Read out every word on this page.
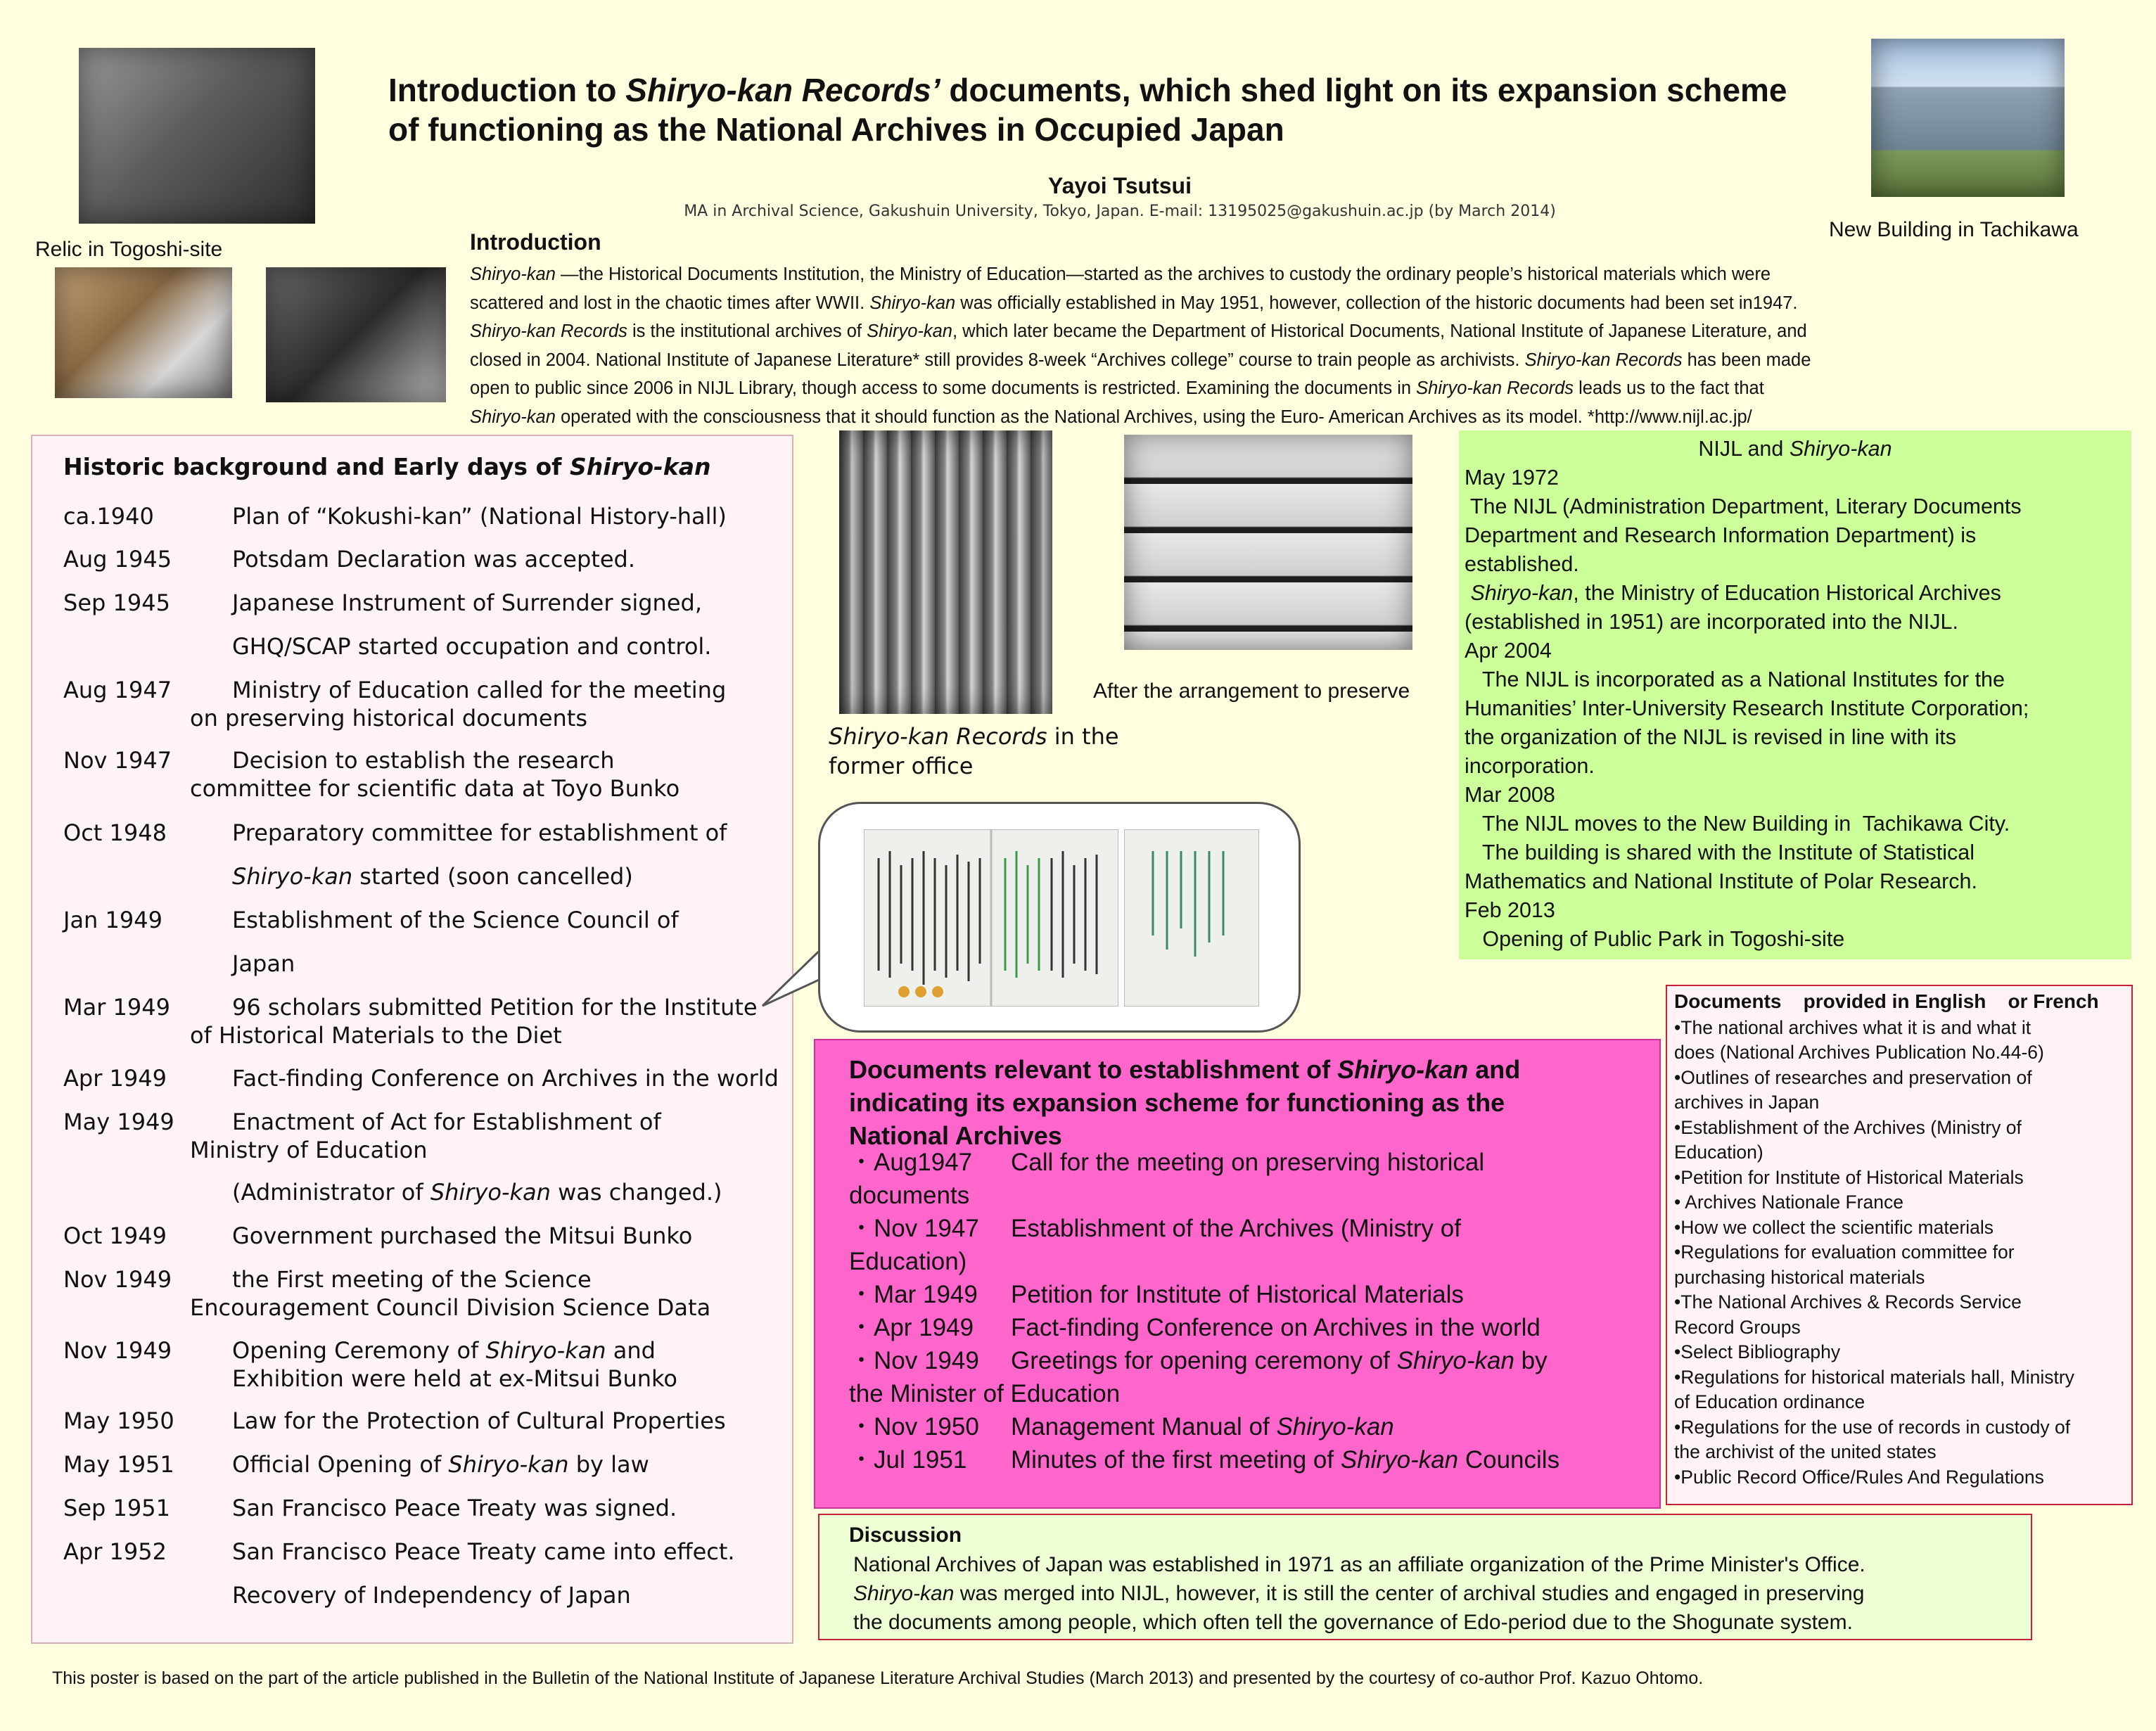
Relic in Togoshi-site
New Building in Tachikawa
Introduction to Shiryo-kan Records’ documents, which shed light on its expansion scheme
of functioning as the National Archives in Occupied Japan
Yayoi Tsutsui
MA in Archival Science, Gakushuin University, Tokyo, Japan. E-mail: 13195025@gakushuin.ac.jp (by March 2014)
Introduction
Shiryo-kan —the Historical Documents Institution, the Ministry of Education—started as the archives to custody the ordinary people’s historical materials which were
scattered and lost in the chaotic times after WWII. Shiryo-kan was officially established in May 1951, however, collection of the historic documents had been set in1947.
Shiryo-kan Records is the institutional archives of Shiryo-kan, which later became the Department of Historical Documents, National Institute of Japanese Literature, and
closed in 2004. National Institute of Japanese Literature* still provides 8-week “Archives college” course to train people as archivists. Shiryo-kan Records has been made
open to public since 2006 in NIJL Library, though access to some documents is restricted. Examining the documents in Shiryo-kan Records leads us to the fact that
Shiryo-kan operated with the consciousness that it should function as the National Archives, using the Euro- American Archives as its model. *http://www.nijl.ac.jp/
Historic background and Early days of Shiryo-kan
ca.1940	Plan of “Kokushi-kan” (National History-hall)
Aug 1945	Potsdam Declaration was accepted.
Sep 1945	Japanese Instrument of Surrender signed,
GHQ/SCAP started occupation and control.
Aug 1947	Ministry of Education called for the meeting
on preserving historical documents
Nov 1947	Decision to establish the research
committee for scientific data at Toyo Bunko
Oct 1948	Preparatory committee for establishment of
Shiryo-kan started (soon cancelled)
Jan 1949	Establishment of the Science Council of
Japan
Mar 1949	96 scholars submitted Petition for the Institute
of Historical Materials to the Diet
Apr 1949	Fact-finding Conference on Archives in the world
May 1949	Enactment of Act for Establishment of
Ministry of Education
(Administrator of Shiryo-kan was changed.)
Oct 1949	Government purchased the Mitsui Bunko
Nov 1949	the First meeting of the Science
Encouragement Council Division Science Data
Nov 1949	Opening Ceremony of Shiryo-kan and
Exhibition were held at ex-Mitsui Bunko
May 1950	Law for the Protection of Cultural Properties
May 1951	Official Opening of Shiryo-kan by law
Sep 1951	San Francisco Peace Treaty was signed.
Apr 1952	San Francisco Peace Treaty came into effect.
Recovery of Independency of Japan
Shiryo-kan Records in the
former office
After the arrangement to preserve
NIJL and Shiryo-kan
May 1972
The NIJL (Administration Department, Literary Documents
Department and Research Information Department) is
established.
Shiryo-kan, the Ministry of Education Historical Archives
(established in 1951) are incorporated into the NIJL.
Apr 2004
The NIJL is incorporated as a National Institutes for the
Humanities’ Inter-University Research Institute Corporation;
the organization of the NIJL is revised in line with its
incorporation.
Mar 2008
The NIJL moves to the New Building in  Tachikawa City.
The building is shared with the Institute of Statistical
Mathematics and National Institute of Polar Research.
Feb 2013
Opening of Public Park in Togoshi-site
Documents    provided in English    or French
•The national archives what it is and what it
does (National Archives Publication No.44-6)
•Outlines of researches and preservation of
archives in Japan
•Establishment of the Archives (Ministry of
Education)
•Petition for Institute of Historical Materials
• Archives Nationale France
•How we collect the scientific materials
•Regulations for evaluation committee for
purchasing historical materials
•The National Archives & Records Service
Record Groups
•Select Bibliography
•Regulations for historical materials hall, Ministry
of Education ordinance
•Regulations for the use of records in custody of
the archivist of the united states
•Public Record Office/Rules And Regulations
Documents relevant to establishment of Shiryo-kan and
indicating its expansion scheme for functioning as the
National Archives
・Aug1947 Call for the meeting on preserving historical
documents
・Nov 1947 Establishment of the Archives (Ministry of
Education)
・Mar 1949 Petition for Institute of Historical Materials
・Apr 1949 Fact-finding Conference on Archives in the world
・Nov 1949 Greetings for opening ceremony of Shiryo-kan by
the Minister of Education
・Nov 1950 Management Manual of Shiryo-kan
・Jul 1951 Minutes of the first meeting of Shiryo-kan Councils
Discussion
National Archives of Japan was established in 1971 as an affiliate organization of the Prime Minister's Office.
Shiryo-kan was merged into NIJL, however, it is still the center of archival studies and engaged in preserving
the documents among people, which often tell the governance of Edo-period due to the Shogunate system.
This poster is based on the part of the article published in the Bulletin of the National Institute of Japanese Literature Archival Studies (March 2013) and presented by the courtesy of co-author Prof. Kazuo Ohtomo.
